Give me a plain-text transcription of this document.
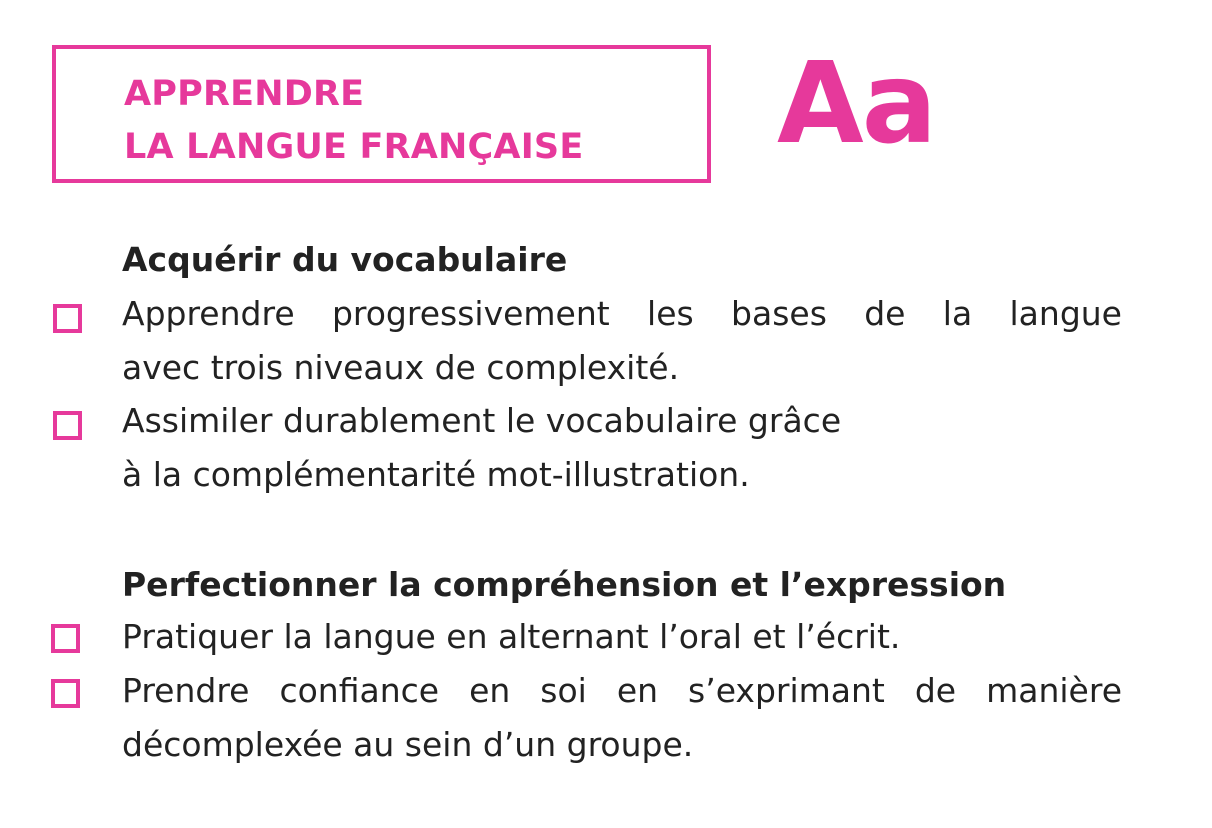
APPRENDRE
LA LANGUE FRANÇAISE Aa
Acquérir du vocabulaire
Apprendre progressivement les bases de la langue
avec trois niveaux de complexité.
Assimiler durablement le vocabulaire grâce
à la complémentarité mot-illustration.
Perfectionner la compréhension et l’expression
Pratiquer la langue en alternant l’oral et l’écrit.
Prendre confiance en soi en s’exprimant de manière
décomplexée au sein d’un groupe.
